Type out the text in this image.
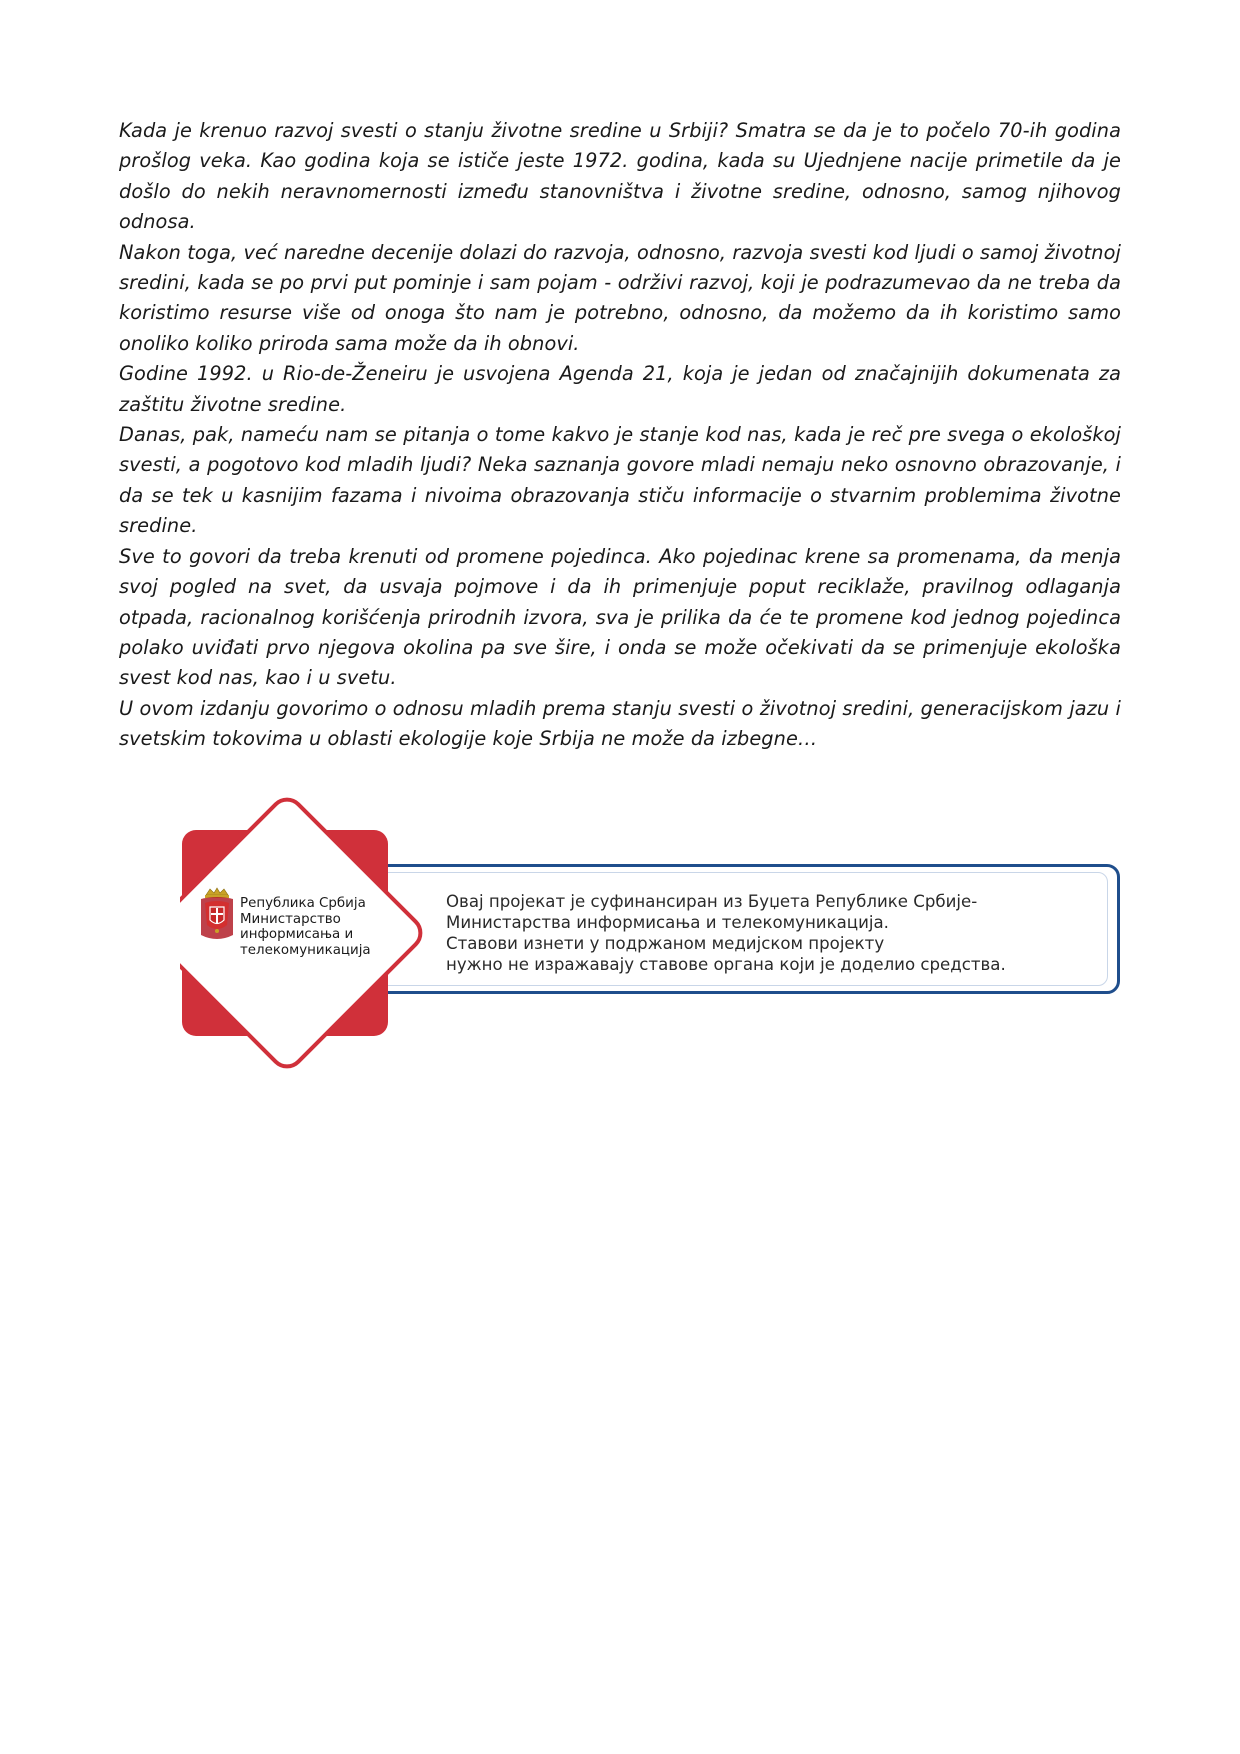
Kada je krenuo razvoj svesti o stanju životne sredine u Srbiji? Smatra se da je to počelo 70-ih godina prošlog veka. Kao godina koja se ističe jeste 1972. godina, kada su Ujednjene nacije primetile da je došlo do nekih neravnomernosti između stanovništva i životne sredine, odnosno, samog njihovog odnosa.

Nakon toga, već naredne decenije dolazi do razvoja, odnosno, razvoja svesti kod ljudi o samoj životnoj sredini, kada se po prvi put pominje i sam pojam - održivi razvoj, koji je podrazumevao da ne treba da koristimo resurse više od onoga što nam je potrebno, odnosno, da možemo da ih koristimo samo onoliko koliko priroda sama može da ih obnovi.

Godine 1992. u Rio-de-Ženeiru je usvojena Agenda 21, koja je jedan od značajnijih dokumenata za zaštitu životne sredine.

Danas, pak, nameću nam se pitanja o tome kakvo je stanje kod nas, kada je reč pre svega o ekološkoj svesti, a pogotovo kod mladih ljudi? Neka saznanja govore mladi nemaju neko osnovno obrazovanje, i da se tek u kasnijim fazama i nivoima obrazovanja stiču informacije o stvarnim problemima životne sredine.

Sve to govori da treba krenuti od promene pojedinca. Ako pojedinac krene sa promenama, da menja svoj pogled na svet, da usvaja pojmove i da ih primenjuje poput reciklaže, pravilnog odlaganja otpada, racionalnog korišćenja prirodnih izvora, sva je prilika da će te promene kod jednog pojedinca polako uviđati prvo njegova okolina pa sve šire, i onda se može očekivati da se primenjuje ekološka svest kod nas, kao i u svetu.

U ovom izdanju govorimo o odnosu mladih prema stanju svesti o životnoj sredini, generacijskom jazu i svetskim tokovima u oblasti ekologije koje Srbija ne može da izbegne…

Овај пројекат је суфинансиран из Буџета Републике Србије-
Министарства информисања и телекомуникација.
Ставови изнети у подржаном медијском пројекту
нужно не изражавају ставове органа који је доделио средства.
Република Србија
Министарство
информисања и
телекомуникација
